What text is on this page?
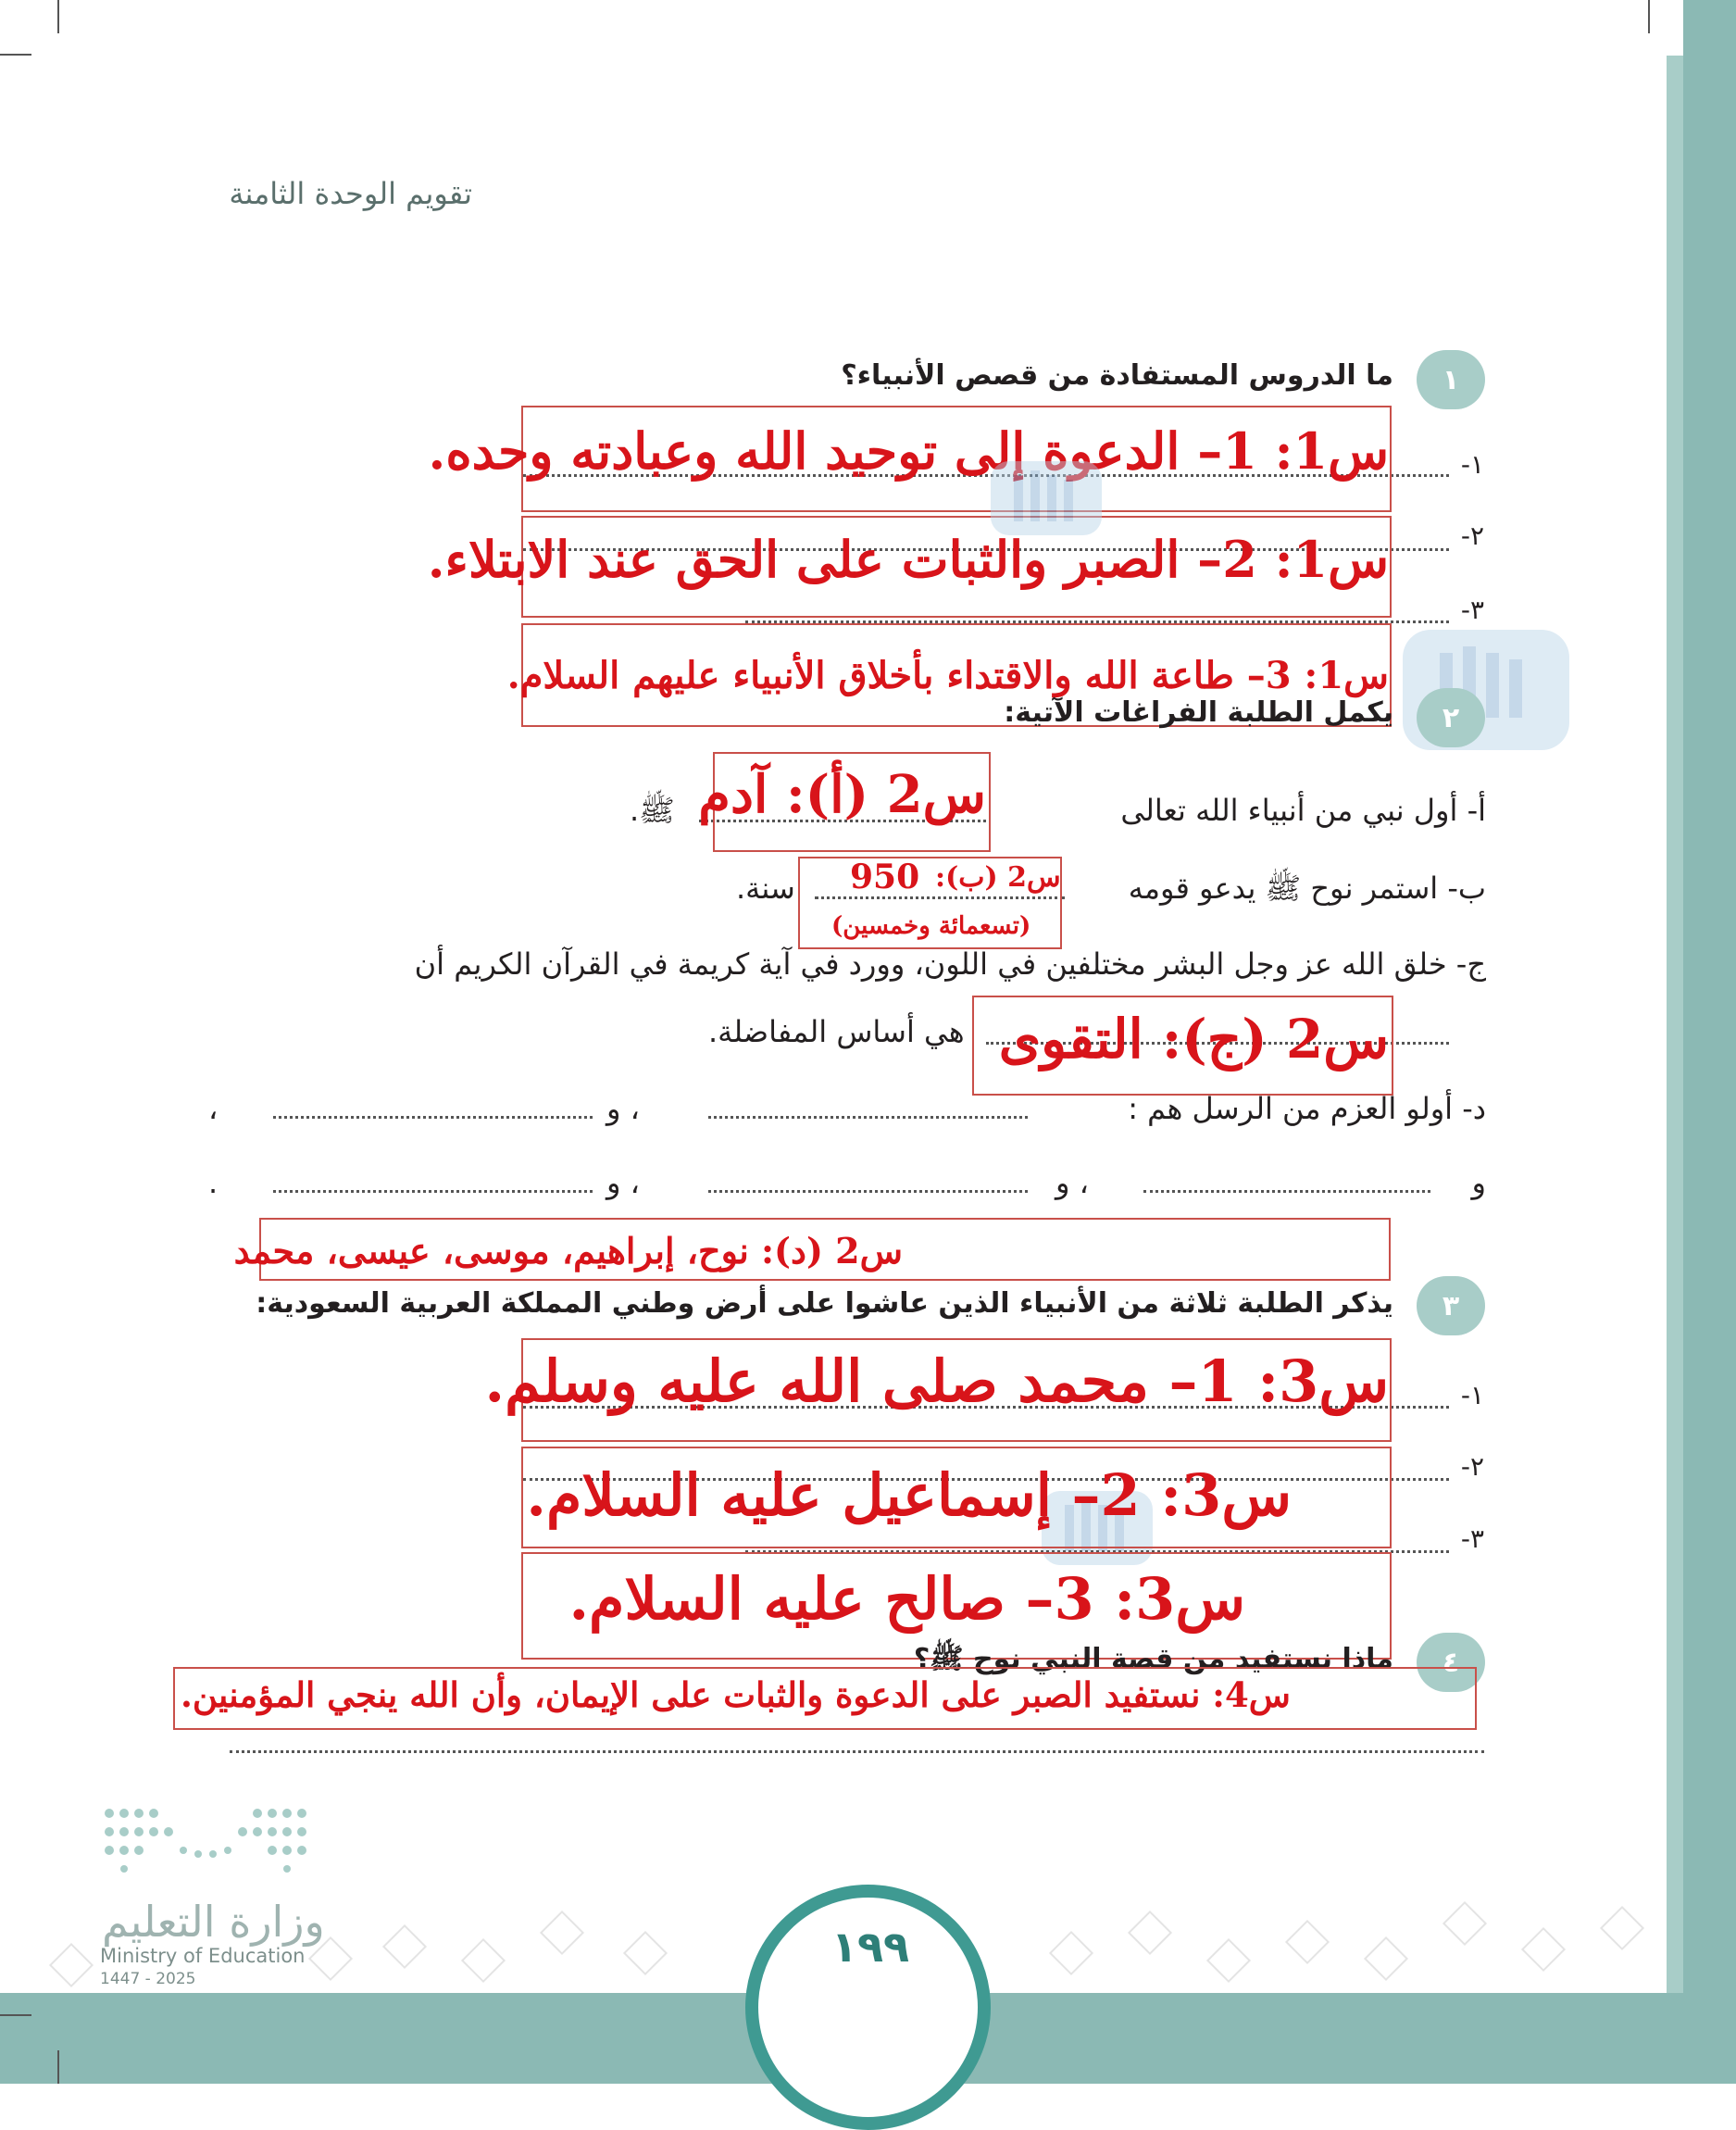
تقويم الوحدة الثامنة
١
ما الدروس المستفادة من قصص الأنبياء؟
١-
س1: 1– الدعوة إلى توحيد الله وعبادته وحده.
٢-
س1: 2– الصبر والثبات على الحق عند الابتلاء.
٣-
س1: 3– طاعة الله والاقتداء بأخلاق الأنبياء عليهم السلام.
٢
يكمل الطلبة الفراغات الآتية:
أ- أول نبي من أنبياء الله تعالى
ﷺ. س2 (أ): آدم
ب- استمر نوح ﷺ يدعو قومه
سنة.	س2 (ب):
950
(تسعمائة وخمسين)
ج- خلق الله عز وجل البشر مختلفين في اللون، وورد في آية كريمة في القرآن الكريم أن
هي أساس المفاضلة. س2 (ج): التقوى
د- أولو العزم من الرسل هم :
، و
،
و
، و
، و
.
س2 (د): نوح، إبراهيم، موسى، عيسى، محمد
٣
يذكر الطلبة ثلاثة من الأنبياء الذين عاشوا على أرض وطني المملكة العربية السعودية:
١-
س3: 1– محمد صلى الله عليه وسلم.
٢-
س3: 2– إسماعيل عليه السلام.
٣-
س3: 3– صالح عليه السلام.
٤
ماذا نستفيد من قصة النبي نوح ﷺ؟
س4: نستفيد الصبر على الدعوة والثبات على الإيمان، وأن الله ينجي المؤمنين.
١٩٩
وزارة التعليم
Ministry of Education
2025 - 1447
